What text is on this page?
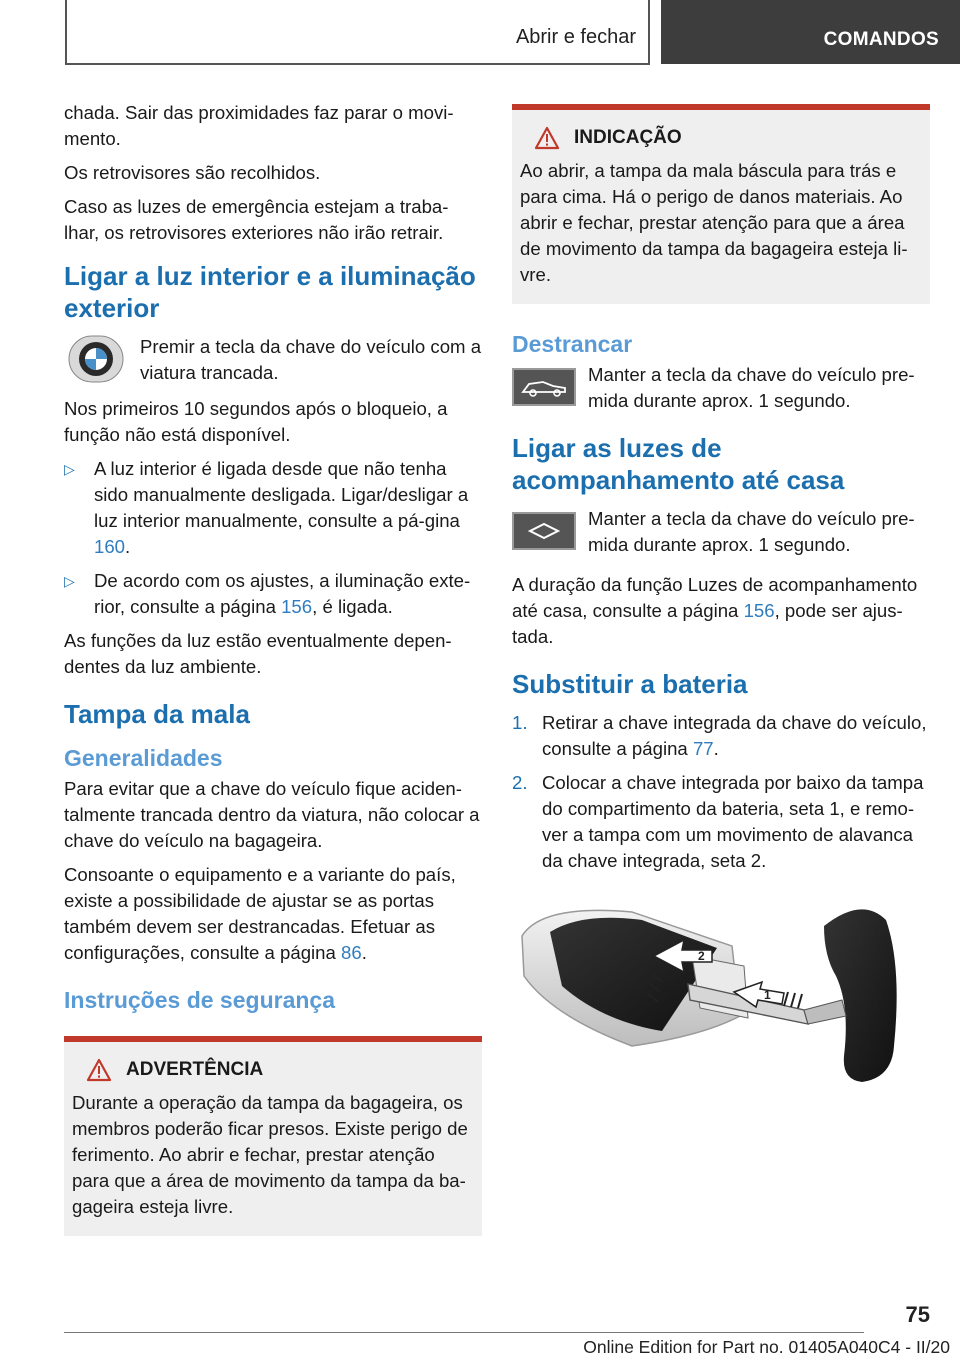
Abrir e fechar	COMANDOS

chada. Sair das proximidades faz parar o movi-mento.

Os retrovisores são recolhidos.

Caso as luzes de emergência estejam a traba-lhar, os retrovisores exteriores não irão retrair.

Ligar a luz interior e a iluminação exterior

Premir a tecla da chave do veículo com a viatura trancada.

Nos primeiros 10 segundos após o bloqueio, a função não está disponível.

▷	A luz interior é ligada desde que não tenha sido manualmente desligada. Ligar/desligar a luz interior manualmente, consulte a pá-gina 160.

▷	De acordo com os ajustes, a iluminação exte-rior, consulte a página 156, é ligada.

As funções da luz estão eventualmente depen-dentes da luz ambiente.

Tampa da mala
Generalidades

Para evitar que a chave do veículo fique aciden-talmente trancada dentro da viatura, não colocar a chave do veículo na bagageira.

Consoante o equipamento e a variante do país, existe a possibilidade de ajustar se as portas também devem ser destrancadas. Efetuar as configurações, consulte a página 86.

Instruções de segurança
ADVERTÊNCIA

Durante a operação da tampa da bagageira, os membros poderão ficar presos. Existe perigo de ferimento. Ao abrir e fechar, prestar atenção para que a área de movimento da tampa da ba-gageira esteja livre.

INDICAÇÃO

Ao abrir, a tampa da mala báscula para trás e para cima. Há o perigo de danos materiais. Ao abrir e fechar, prestar atenção para que a área de movimento da tampa da bagageira esteja li-vre.

Destrancar

Manter a tecla da chave do veículo pre-mida durante aprox. 1 segundo.

Ligar as luzes de acompanhamento até casa

Manter a tecla da chave do veículo pre-mida durante aprox. 1 segundo.

A duração da função Luzes de acompanhamento até casa, consulte a página 156, pode ser ajus-tada.

Substituir a bateria
1. Retirar a chave integrada da chave do veículo, consulte a página 77.

2. Colocar a chave integrada por baixo da tampa do compartimento da bateria, seta 1, e remo-ver a tampa com um movimento de alavanca da chave integrada, seta 2.

2
1
75
Online Edition for Part no. 01405A040C4 - II/20
